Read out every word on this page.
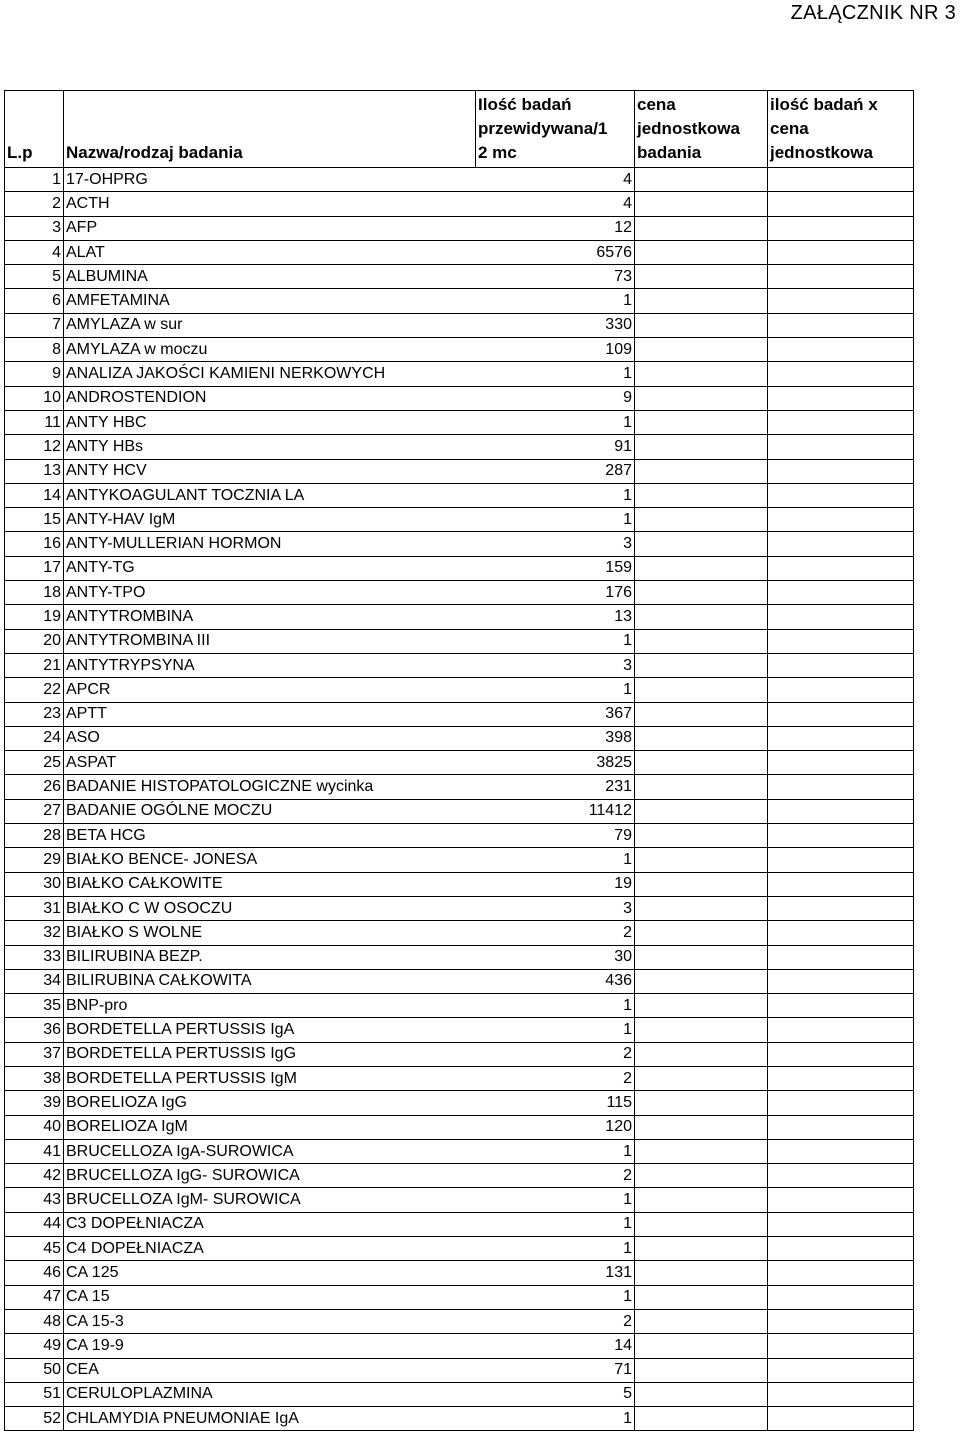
ZAŁĄCZNIK NR 3
L.p	Nazwa/rodzaj badania	Ilość badań
przewidywana/1
2 mc	cena
jednostkowa
badania	ilość badań x
cena
jednostkowa
1	17-OHPRG	4		
2	ACTH	4		
3	AFP	12		
4	ALAT	6576		
5	ALBUMINA	73		
6	AMFETAMINA	1		
7	AMYLAZA w sur	330		
8	AMYLAZA w moczu	109		
9	ANALIZA JAKOŚCI KAMIENI NERKOWYCH	1		
10	ANDROSTENDION	9		
11	ANTY HBC	1		
12	ANTY HBs	91		
13	ANTY HCV	287		
14	ANTYKOAGULANT TOCZNIA LA	1		
15	ANTY-HAV IgM	1		
16	ANTY-MULLERIAN HORMON	3		
17	ANTY-TG	159		
18	ANTY-TPO	176		
19	ANTYTROMBINA	13		
20	ANTYTROMBINA III	1		
21	ANTYTRYPSYNA	3		
22	APCR	1		
23	APTT	367		
24	ASO	398		
25	ASPAT	3825		
26	BADANIE HISTOPATOLOGICZNE wycinka	231		
27	BADANIE OGÓLNE MOCZU	11412		
28	BETA HCG	79		
29	BIAŁKO BENCE- JONESA	1		
30	BIAŁKO CAŁKOWITE	19		
31	BIAŁKO C W OSOCZU	3		
32	BIAŁKO S WOLNE	2		
33	BILIRUBINA BEZP.	30		
34	BILIRUBINA CAŁKOWITA	436		
35	BNP-pro	1		
36	BORDETELLA PERTUSSIS IgA	1		
37	BORDETELLA PERTUSSIS IgG	2		
38	BORDETELLA PERTUSSIS IgM	2		
39	BORELIOZA IgG	115		
40	BORELIOZA IgM	120		
41	BRUCELLOZA IgA-SUROWICA	1		
42	BRUCELLOZA IgG- SUROWICA	2		
43	BRUCELLOZA IgM- SUROWICA	1		
44	C3 DOPEŁNIACZA	1		
45	C4 DOPEŁNIACZA	1		
46	CA 125	131		
47	CA 15	1		
48	CA 15-3	2		
49	CA 19-9	14		
50	CEA	71		
51	CERULOPLAZMINA	5		
52	CHLAMYDIA PNEUMONIAE IgA	1		
